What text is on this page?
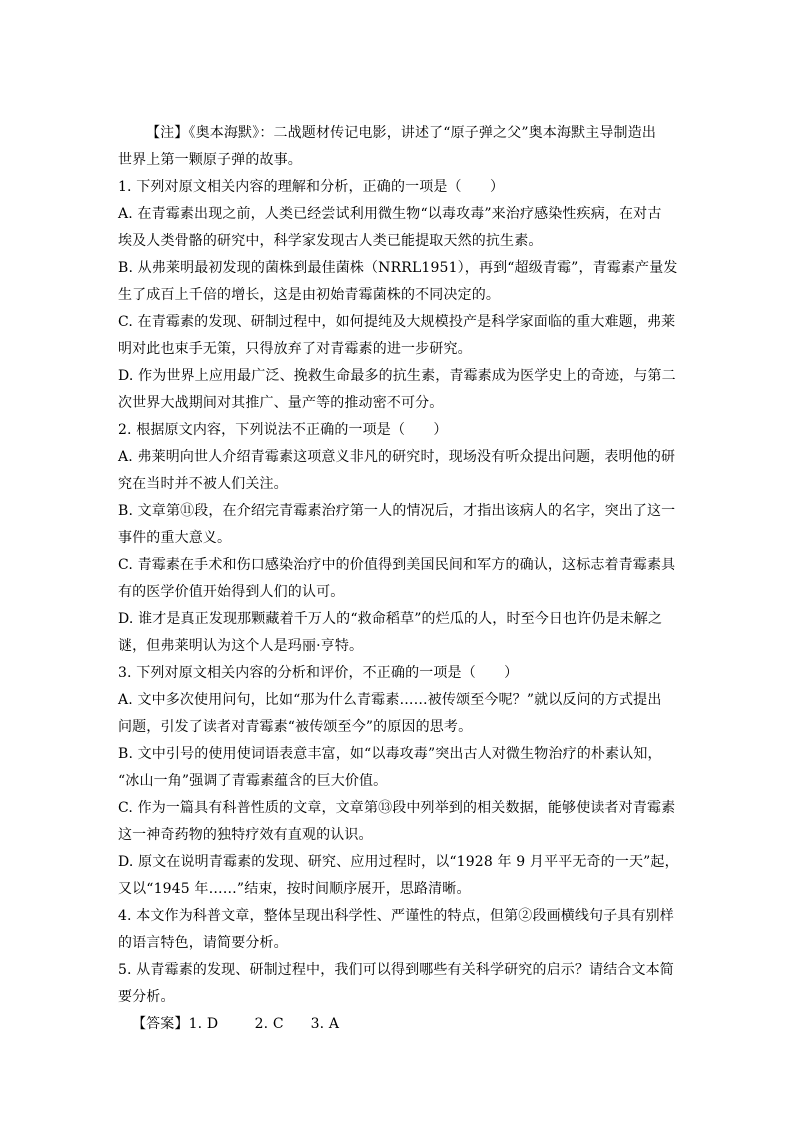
【注】《奥本海默》：二战题材传记电影，讲述了“原子弹之父”奥本海默主导制造出
世界上第一颗原子弹的故事。
1. 下列对原文相关内容的理解和分析，正确的一项是（　　）
A. 在青霉素出现之前，人类已经尝试利用微生物“以毒攻毒”来治疗感染性疾病，在对古
埃及人类骨骼的研究中，科学家发现古人类已能提取天然的抗生素。
B. 从弗莱明最初发现的菌株到最佳菌株（NRRL1951），再到“超级青霉”，青霉素产量发
生了成百上千倍的增长，这是由初始青霉菌株的不同决定的。
C. 在青霉素的发现、研制过程中，如何提纯及大规模投产是科学家面临的重大难题，弗莱
明对此也束手无策，只得放弃了对青霉素的进一步研究。
D. 作为世界上应用最广泛、挽救生命最多的抗生素，青霉素成为医学史上的奇迹，与第二
次世界大战期间对其推广、量产等的推动密不可分。
2. 根据原文内容，下列说法不正确的一项是（　　）
A. 弗莱明向世人介绍青霉素这项意义非凡的研究时，现场没有听众提出问题，表明他的研
究在当时并不被人们关注。
B. 文章第⑪段，在介绍完青霉素治疗第一人的情况后，才指出该病人的名字，突出了这一
事件的重大意义。
C. 青霉素在手术和伤口感染治疗中的价值得到美国民间和军方的确认，这标志着青霉素具
有的医学价值开始得到人们的认可。
D. 谁才是真正发现那颗藏着千万人的“救命稻草”的烂瓜的人，时至今日也许仍是未解之
谜，但弗莱明认为这个人是玛丽·亨特。
3. 下列对原文相关内容的分析和评价，不正确的一项是（　　）
A. 文中多次使用问句，比如“那为什么青霉素……被传颂至今呢？”就以反问的方式提出
问题，引发了读者对青霉素“被传颂至今”的原因的思考。
B. 文中引号的使用使词语表意丰富，如“以毒攻毒”突出古人对微生物治疗的朴素认知，
“冰山一角”强调了青霉素蕴含的巨大价值。
C. 作为一篇具有科普性质的文章，文章第⑬段中列举到的相关数据，能够使读者对青霉素
这一神奇药物的独特疗效有直观的认识。
D. 原文在说明青霉素的发现、研究、应用过程时，以“1928 年 9 月平平无奇的一天”起，
又以“1945 年……”结束，按时间顺序展开，思路清晰。
4. 本文作为科普文章，整体呈现出科学性、严谨性的特点，但第②段画横线句子具有别样
的语言特色，请简要分析。
5. 从青霉素的发现、研制过程中，我们可以得到哪些有关科学研究的启示？请结合文本简
要分析。
【答案】1. D	2. C 3. A
